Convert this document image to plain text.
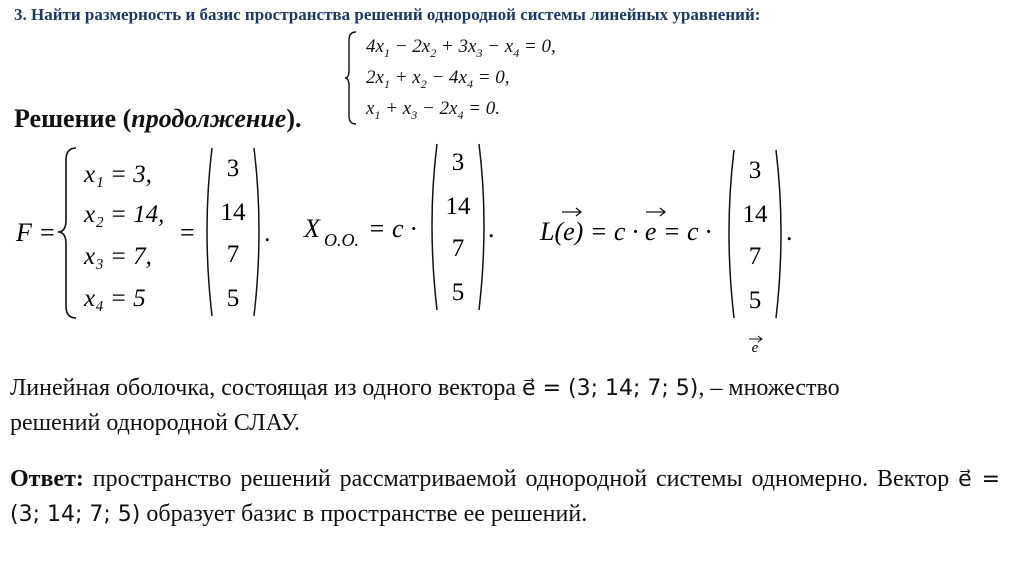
3. Найти размерность и базис пространства решений однородной системы линейных уравнений:
$4x_1 - 2x_2 + 3x_3 - x_4 = 0$,
$2x_1 + x_2 - 4x_4 = 0$,
$x_1 + x_3 - 2x_4 = 0$.
Решение (продолжение).
F =
x₁ = 3,
x₂ = 14,
x₃ = 7,
x₄ = 5
=
3
14
7
5
. X O.O. = c ·
3
14
7
5
. L(e) = c · e = c ·
3
14
7
5
.
e
Линейная оболочка, состоящая из одного вектора e⃗ = (3; 14; 7; 5), – множество
решений однородной СЛАУ.
Ответ: пространство решений рассматриваемой однородной системы одномерно. Вектор e⃗ = (3; 14; 7; 5) образует базис в пространстве ее решений.
